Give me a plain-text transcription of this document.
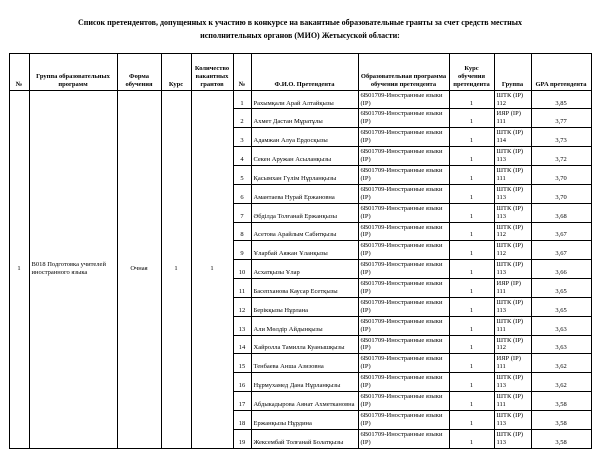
Список претендентов, допущенных к участию в конкурсе на вакантные образовательные гранты за счет средств местных исполнительных органов (МИО) Жетысуской области:
№	Группа образовательных программ	Форма обучения	Курс	Количество вакантных грантов	№	Ф.И.О. Претендента	Образовательная программа обучения претендента	Курс обучения претендента	Группа	GPA претендента
1	В018 Подготовка учителей иностранного языка	Очная	1	1	1	Рахымқали Арай Алтайқызы	6В01709-Иностранные языки (IP)	1	ШТК (IP) 112	3,85
					2	Ахмет Дастан Мұратұлы	6В01709-Иностранные языки (IP)	1	ИЯР (IP) 111	3,77
					3	Адамжан Алуа Ердосқызы	6В01709-Иностранные языки (IP)	1	ШТК (IP) 114	3,73
					4	Секен Аружан Асыланқызы	6В01709-Иностранные языки (IP)	1	ШТК (IP) 113	3,72
					5	Қасымхан Гүлім Нұрланқызы	6В01709-Иностранные языки (IP)	1	ШТК (IP) 111	3,70
					6	Амантаева Нурай Ержановна	6В01709-Иностранные языки (IP)	1	ШТК (IP) 113	3,70
					7	Әбділда Толғанай Ержанқызы	6В01709-Иностранные языки (IP)	1	ШТК (IP) 113	3,68
					8	Асетова Арайлым Сабитқызы	6В01709-Иностранные языки (IP)	1	ШТК (IP) 112	3,67
					9	Ұларбай Аяжан Ұланқызы	6В01709-Иностранные языки (IP)	1	ШТК (IP) 112	3,67
					10	Асхатқызы Ұлар	6В01709-Иностранные языки (IP)	1	ШТК (IP) 113	3,66
					11	Басепханова Каусар Есетқызы	6В01709-Иностранные языки (IP)	1	ИЯР (IP) 111	3,65
					12	Берікқызы Нұрлана	6В01709-Иностранные языки (IP)	1	ШТК (IP) 113	3,65
					13	Али Мөлдір Айдынқызы	6В01709-Иностранные языки (IP)	1	ШТК (IP) 111	3,63
					14	Хайролла Тамилла Куанышқызы	6В01709-Иностранные языки (IP)	1	ШТК (IP) 112	3,63
					15	Тенбаева Анша Азизовна	6В01709-Иностранные языки (IP)	1	ИЯР (IP) 111	3,62
					16	Нұрмухамед Дана Нұрланқызы	6В01709-Иностранные языки (IP)	1	ШТК (IP) 113	3,62
					17	Абдыкадырова Аянат Ахметкановна	6В01709-Иностранные языки (IP)	1	ШТК (IP) 111	3,58
					18	Ержанқызы Нұрдина	6В01709-Иностранные языки (IP)	1	ШТК (IP) 113	3,58
					19	Жексембай Толғанай Болатқызы	6В01709-Иностранные языки (IP)	1	ШТК (IP) 113	3,58
